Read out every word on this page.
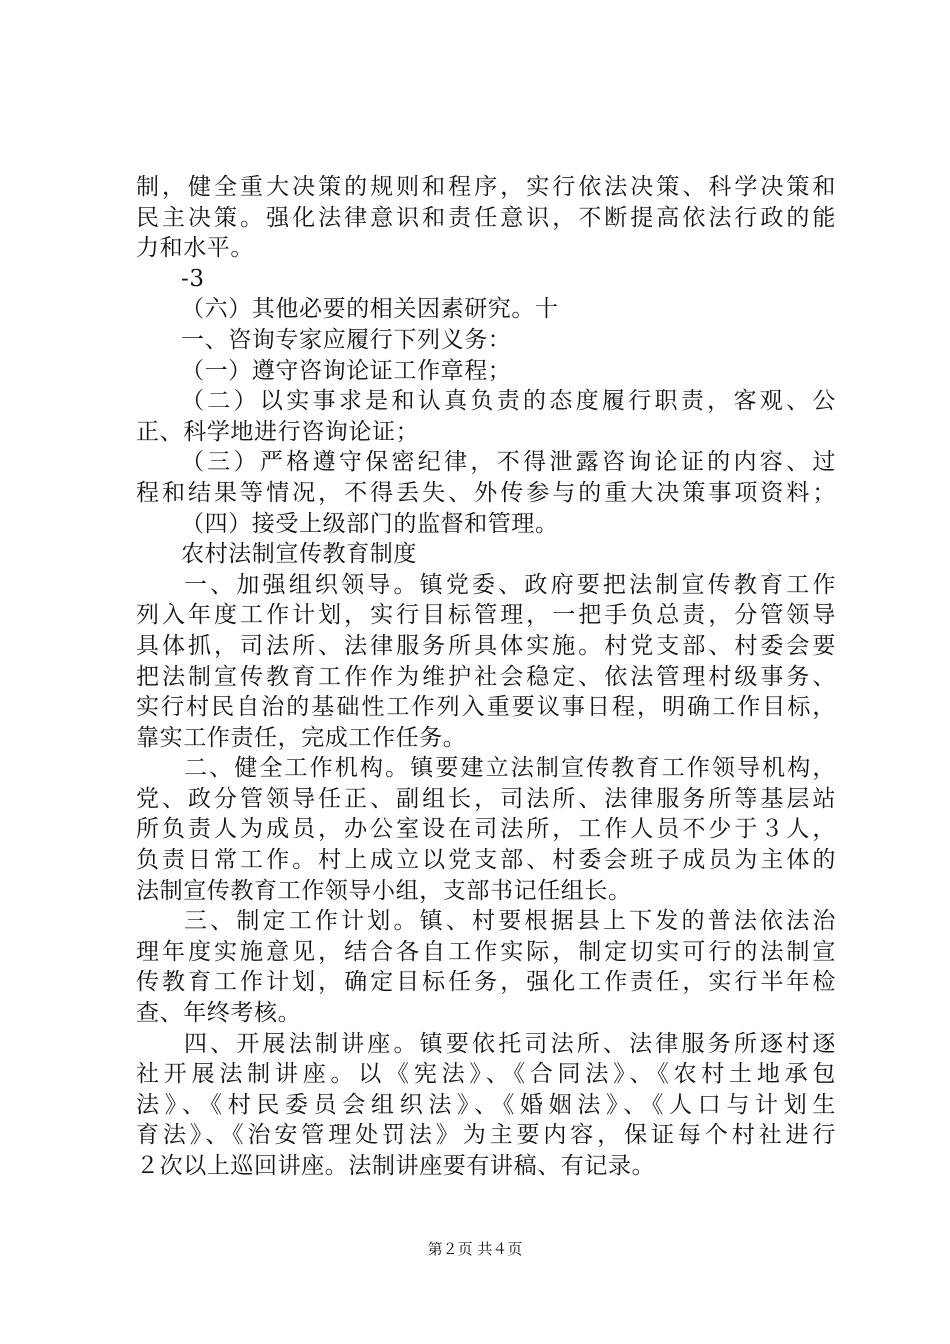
制，健全重大决策的规则和程序，实行依法决策、科学决策和
民主决策。强化法律意识和责任意识，不断提高依法行政的能
力和水平。
-3
（六）其他必要的相关因素研究。十
一、咨询专家应履行下列义务：
（一）遵守咨询论证工作章程；
（二）以实事求是和认真负责的态度履行职责，客观、公
正、科学地进行咨询论证；
（三）严格遵守保密纪律，不得泄露咨询论证的内容、过
程和结果等情况，不得丢失、外传参与的重大决策事项资料；
（四）接受上级部门的监督和管理。
农村法制宣传教育制度
一、加强组织领导。镇党委、政府要把法制宣传教育工作
列入年度工作计划，实行目标管理，一把手负总责，分管领导
具体抓，司法所、法律服务所具体实施。村党支部、村委会要
把法制宣传教育工作作为维护社会稳定、依法管理村级事务、
实行村民自治的基础性工作列入重要议事日程，明确工作目标，
靠实工作责任，完成工作任务。
二、健全工作机构。镇要建立法制宣传教育工作领导机构，
党、政分管领导任正、副组长，司法所、法律服务所等基层站
所负责人为成员，办公室设在司法所，工作人员不少于３人，
负责日常工作。村上成立以党支部、村委会班子成员为主体的
法制宣传教育工作领导小组，支部书记任组长。
三、制定工作计划。镇、村要根据县上下发的普法依法治
理年度实施意见，结合各自工作实际，制定切实可行的法制宣
传教育工作计划，确定目标任务，强化工作责任，实行半年检
查、年终考核。
四、开展法制讲座。镇要依托司法所、法律服务所逐村逐
社开展法制讲座。以《宪法》、《合同法》、《农村土地承包
法》、《村民委员会组织法》、《婚姻法》、《人口与计划生
育法》、《治安管理处罚法》为主要内容，保证每个村社进行
２次以上巡回讲座。法制讲座要有讲稿、有记录。
第２页 共４页
